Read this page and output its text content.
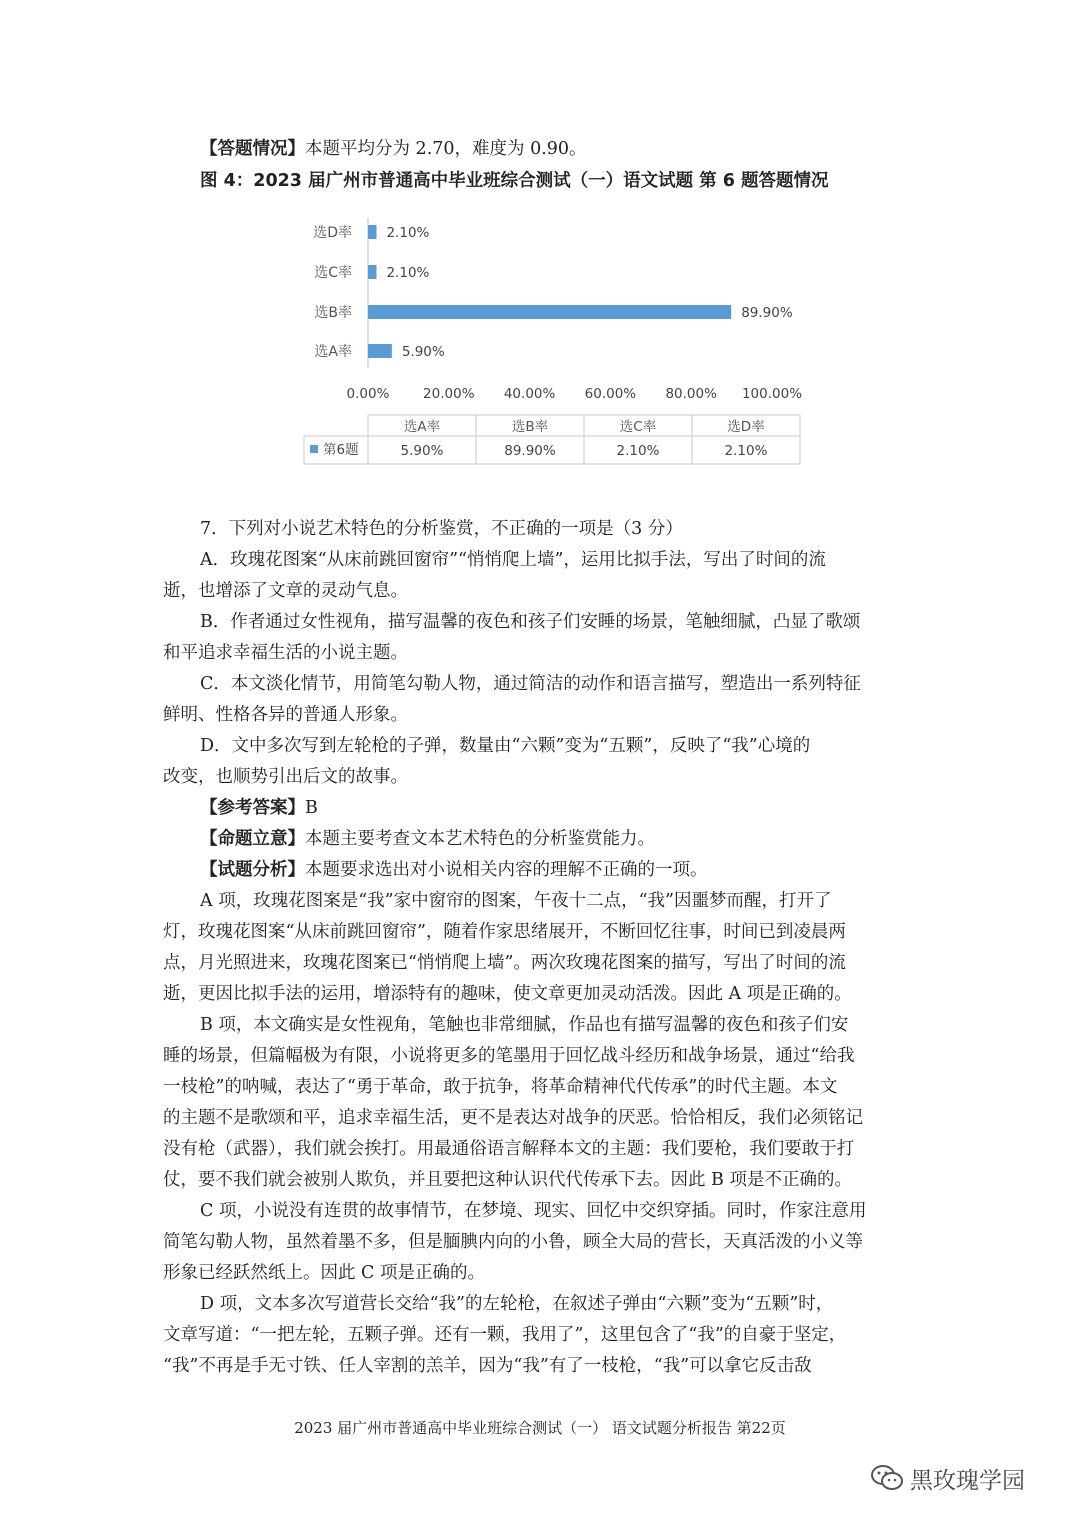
【答题情况】本题平均分为 2.70，难度为 0.90。
图 4：2023 届广州市普通高中毕业班综合测试（一）语文试题 第 6 题答题情况
0.00% 20.00% 40.00% 60.00% 80.00% 100.00%
选D率	2.10%
选C率	2.10%
选B率	89.90%
选A率	5.90%
选A率	选B率	选C率	选D率
5.90%	89.90%	2.10%	2.10%
第6题
7．下列对小说艺术特色的分析鉴赏，不正确的一项是（3 分）
A．玫瑰花图案“从床前跳回窗帘”“悄悄爬上墙”，运用比拟手法，写出了时间的流
逝，也增添了文章的灵动气息。
B．作者通过女性视角，描写温馨的夜色和孩子们安睡的场景，笔触细腻，凸显了歌颂
和平追求幸福生活的小说主题。
C．本文淡化情节，用简笔勾勒人物，通过简洁的动作和语言描写，塑造出一系列特征
鲜明、性格各异的普通人形象。
D．文中多次写到左轮枪的子弹，数量由“六颗”变为“五颗”，反映了“我”心境的
改变，也顺势引出后文的故事。
【参考答案】B
【命题立意】本题主要考查文本艺术特色的分析鉴赏能力。
【试题分析】本题要求选出对小说相关内容的理解不正确的一项。
A 项，玫瑰花图案是“我”家中窗帘的图案，午夜十二点，“我”因噩梦而醒，打开了
灯，玫瑰花图案“从床前跳回窗帘”，随着作家思绪展开，不断回忆往事，时间已到凌晨两
点，月光照进来，玫瑰花图案已“悄悄爬上墙”。两次玫瑰花图案的描写，写出了时间的流
逝，更因比拟手法的运用，增添特有的趣味，使文章更加灵动活泼。因此 A 项是正确的。
B 项，本文确实是女性视角，笔触也非常细腻，作品也有描写温馨的夜色和孩子们安
睡的场景，但篇幅极为有限，小说将更多的笔墨用于回忆战斗经历和战争场景，通过“给我
一枝枪”的呐喊，表达了“勇于革命，敢于抗争，将革命精神代代传承”的时代主题。本文
的主题不是歌颂和平，追求幸福生活，更不是表达对战争的厌恶。恰恰相反，我们必须铭记
没有枪（武器），我们就会挨打。用最通俗语言解释本文的主题：我们要枪，我们要敢于打
仗，要不我们就会被别人欺负，并且要把这种认识代代传承下去。因此 B 项是不正确的。
C 项，小说没有连贯的故事情节，在梦境、现实、回忆中交织穿插。同时，作家注意用
简笔勾勒人物，虽然着墨不多，但是腼腆内向的小鲁，顾全大局的营长，天真活泼的小义等
形象已经跃然纸上。因此 C 项是正确的。
D 项，文本多次写道营长交给“我”的左轮枪，在叙述子弹由“六颗”变为“五颗”时，
文章写道：“一把左轮，五颗子弹。还有一颗，我用了”，这里包含了“我”的自豪于坚定，
“我”不再是手无寸铁、任人宰割的羔羊，因为“我”有了一枝枪，“我”可以拿它反击敌
2023 届广州市普通高中毕业班综合测试（一） 语文试题分析报告 第22页
黑玫瑰学园
